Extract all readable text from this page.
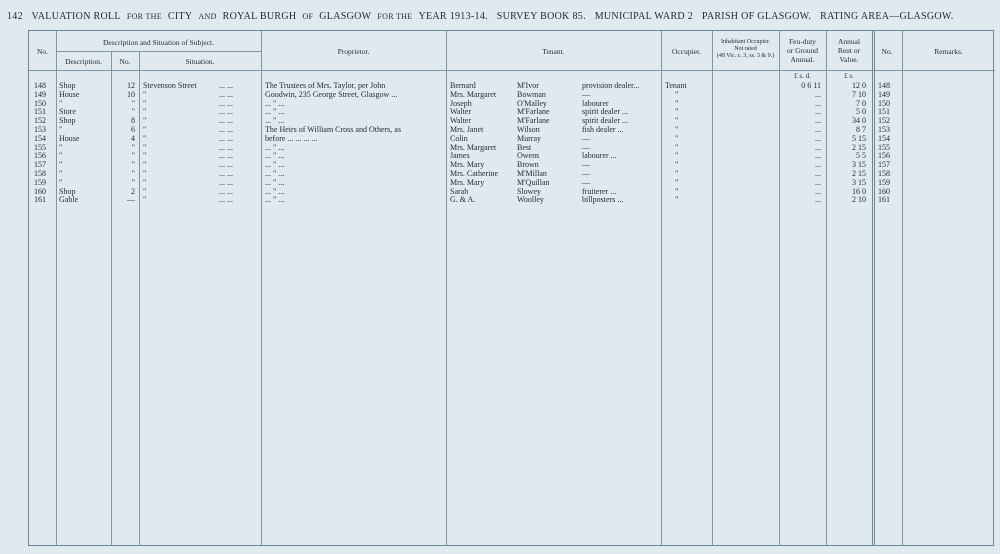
142 VALUATION ROLL FOR THE CITY AND ROYAL BURGH OF GLASGOW FOR THE YEAR 1913-14. SURVEY BOOK 85. MUNICIPAL WARD 2 PARISH OF GLASGOW. RATING AREA—GLASGOW.
No.
Description and Situation of Subject.
Description.	No.	Situation.
Proprietor.	Tenant.	Occupier.
Inhabitant Occupier.
Not rated
(48 Vic. c. 3, ss. 3 & 9.)
Feu-duty
or Ground
Annual.
Annual
Rent or
Value.
No.	Remarks.
£ s. d.	£ s.
148 Shop	12 Stevenson Street	... ...	The Trustees of Mrs. Taylor, per John	Bernard	M'Ivor	provision dealer...	Tenant	0 6 11	12 0 148
149 House	10 "	... ...	Goodwin, 235 George Street, Glasgow ...	Mrs. Margaret	Bowman	—	"	...	7 10 149
150 "	" "	... ...	... " ...	Joseph	O'Malley	labourer	"	...	7 0 150
151 Store	" "	... ...	... " ...	Walter	M'Farlane	spirit dealer ...	"	...	5 0 151
152 Shop	8 "	... ...	... " ...	Walter	M'Farlane	spirit dealer ...	"	...	34 0 152
153 "	6 "	... ...	The Heirs of William Cross and Others, as	Mrs. Janet	Wilson	fish dealer ...	"	...	8 7 153
154 House	4 "	... ...	before ... ... ... ...	Colin	Murray	—	"	...	5 15 154
155 "	" "	... ...	... " ...	Mrs. Margaret	Best	—	"	...	2 15 155
156 "	" "	... ...	... " ...	James	Owens	labourer ...	"	...	5 5 156
157 "	" "	... ...	... " ...	Mrs. Mary	Brown	—	"	...	3 15 157
158 "	" "	... ...	... " ...	Mrs. Catherine M'Millan	—	"	...	2 15 158
159 "	" "	... ...	... " ...	Mrs. Mary	M'Quillan	—	"	...	3 15 159
160 Shop	2 "	... ...	... " ...	Sarah	Slowey	fruiterer ...	"	...	16 0 160
161 Gable	— "	... ...	... " ...	G. & A.	Woolley	billposters ...	"	...	2 10 161
